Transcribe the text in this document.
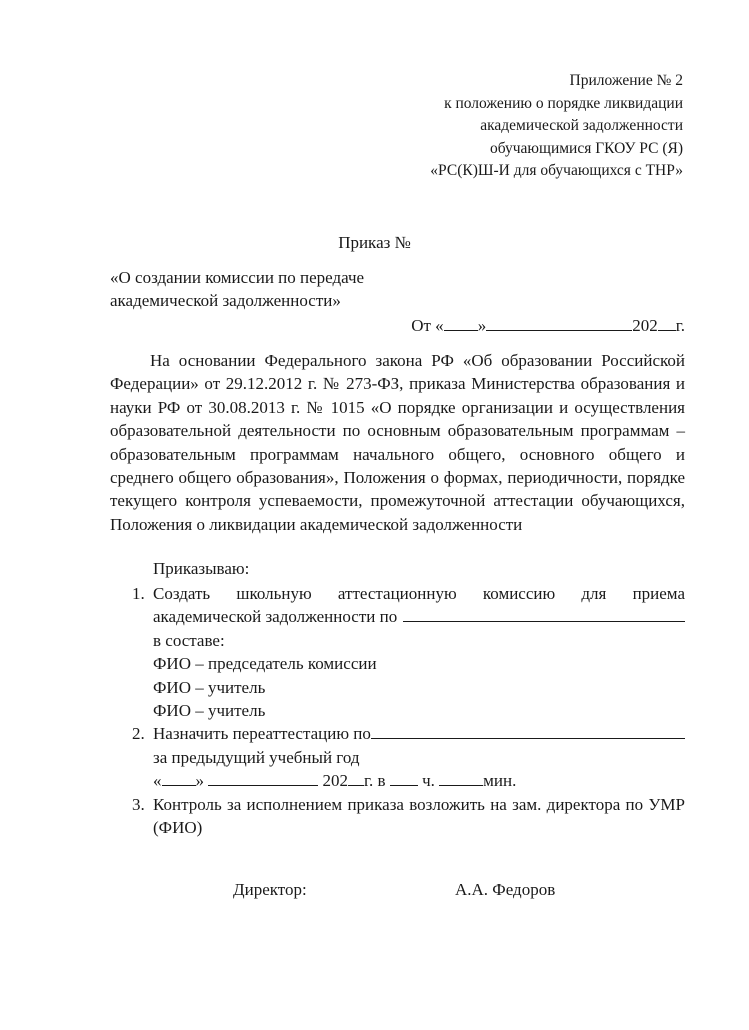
Приложение № 2
к положению о порядке ликвидации
академической задолженности
обучающимися ГКОУ РС (Я)
«РС(К)Ш-И для обучающихся с ТНР»
Приказ №
«О создании комиссии по передаче
академической задолженности»
От « »	202 г.
На основании Федерального закона РФ «Об образовании Российской Федерации» от 29.12.2012 г. № 273-ФЗ, приказа Министерства образования и науки РФ от 30.08.2013 г. № 1015 «О порядке организации и осуществления образовательной деятельности по основным образовательным программам – образовательным программам начального общего, основного общего и среднего общего образования», Положения о формах, периодичности, порядке текущего контроля успеваемости, промежуточной аттестации обучающихся, Положения о ликвидации академической задолженности
Приказываю:
1. Создать школьную аттестационную комиссию для приема
академической задолженности по
в составе:
ФИО – председатель комиссии
ФИО – учитель
ФИО – учитель
2. Назначить переаттестацию по
за предыдущий учебный год
« »	202 г. в ч.	мин.
3. Контроль за исполнением приказа возложить на зам. директора по УМР (ФИО)
Директор:	А.А. Федоров
